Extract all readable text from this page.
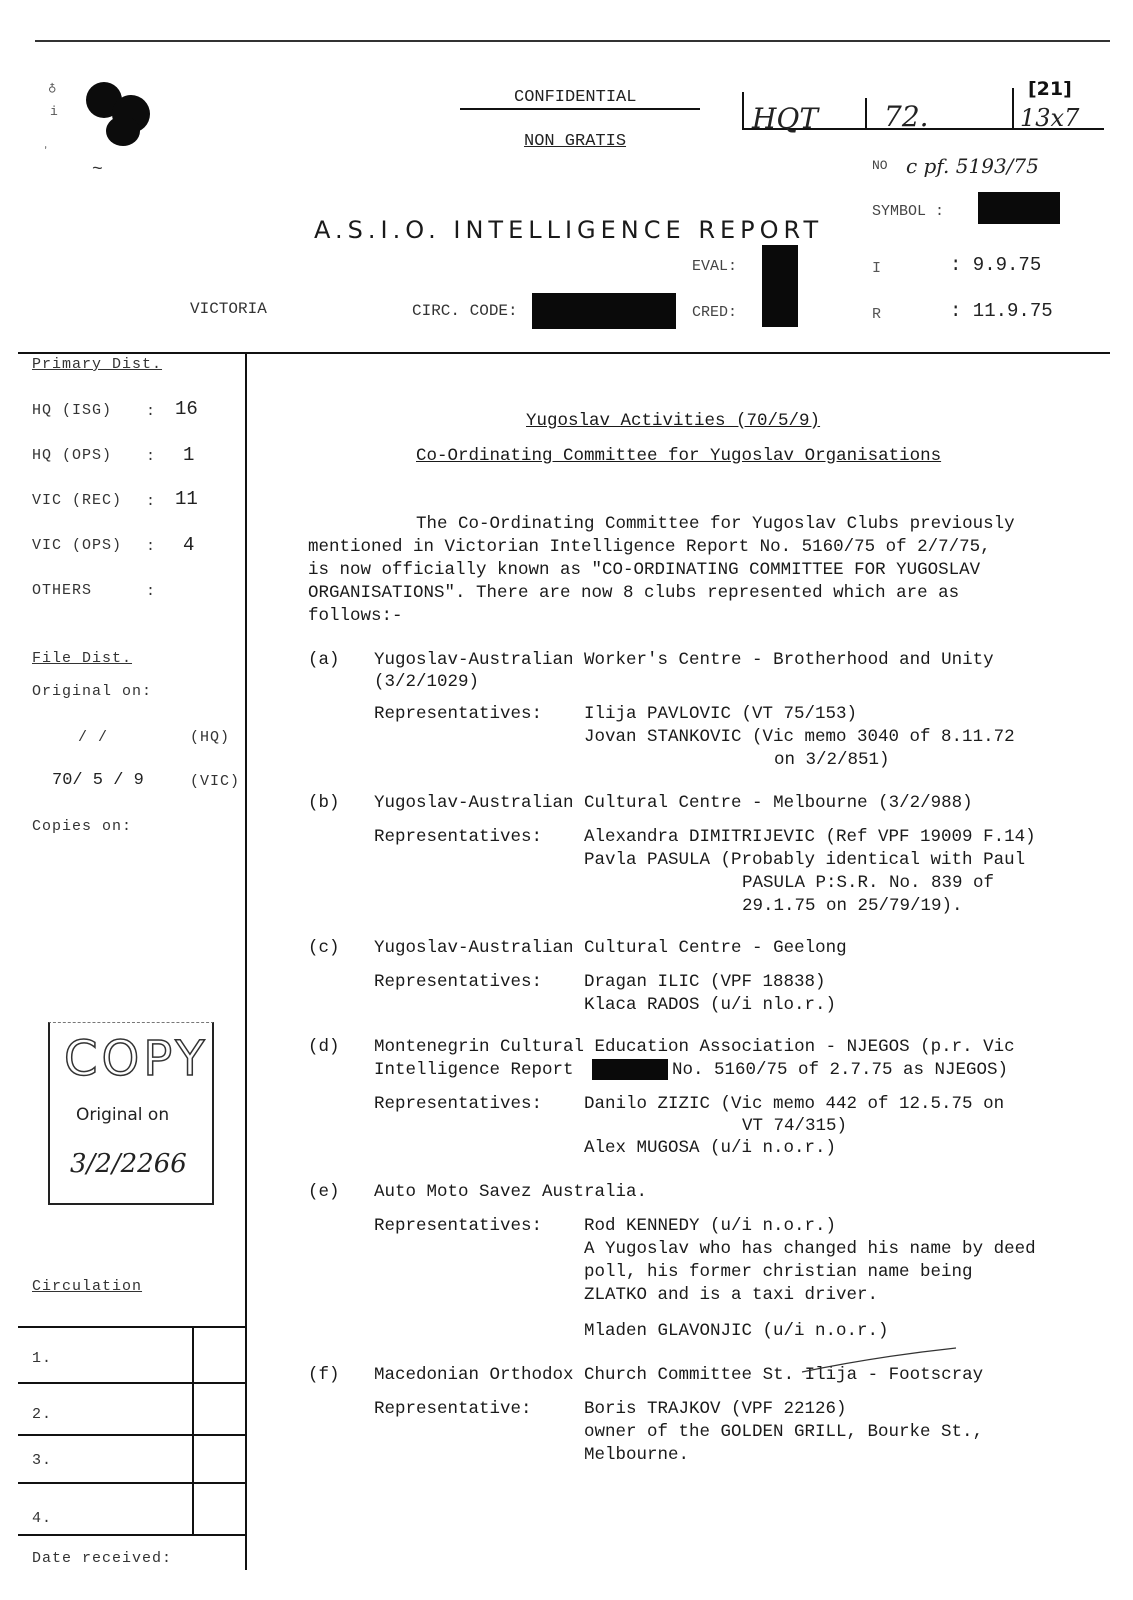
♁
i
ʼ
~
CONFIDENTIAL
NON GRATIS
A.S.I.O. INTELLIGENCE REPORT
HQT 72.	13x7
[21]
NO c pf. 5193/75
SYMBOL :
EVAL:
CRED:
VICTORIA	CIRC. CODE:
I	: 9.9.75
R	: 11.9.75
Primary Dist.
HQ (ISG) : 16
HQ (OPS) : 1
VIC (REC) : 11
VIC (OPS) : 4
OTHERS	:
File Dist.
Original on:
/ /	(HQ)
70/ 5 / 9	(VIC)
Copies on:
COPY
Original on
3/2/2266
Circulation
1.
2.
3.
4.
Date received:
Yugoslav Activities (70/5/9)
Co-Ordinating Committee for Yugoslav Organisations
The Co-Ordinating Committee for Yugoslav Clubs previously
mentioned in Victorian Intelligence Report No. 5160/75 of 2/7/75,
is now officially known as "CO-ORDINATING COMMITTEE FOR YUGOSLAV
ORGANISATIONS". There are now 8 clubs represented which are as
follows:-
(a) Yugoslav-Australian Worker's Centre - Brotherhood and Unity
(3/2/1029)
Representatives: Ilija PAVLOVIC (VT 75/153)
Jovan STANKOVIC (Vic memo 3040 of 8.11.72
on 3/2/851)
(b) Yugoslav-Australian Cultural Centre - Melbourne (3/2/988)
Representatives: Alexandra DIMITRIJEVIC (Ref VPF 19009 F.14)
Pavla PASULA (Probably identical with Paul
PASULA P:S.R. No. 839 of
29.1.75 on 25/79/19).
(c) Yugoslav-Australian Cultural Centre - Geelong
Representatives: Dragan ILIC (VPF 18838)
Klaca RADOS (u/i nlo.r.)
(d) Montenegrin Cultural Education Association - NJEGOS (p.r. Vic
Intelligence Report	No. 5160/75 of 2.7.75 as NJEGOS)
Representatives: Danilo ZIZIC (Vic memo 442 of 12.5.75 on
VT 74/315)
Alex MUGOSA (u/i n.o.r.)
(e) Auto Moto Savez Australia.
Representatives: Rod KENNEDY (u/i n.o.r.)
A Yugoslav who has changed his name by deed
poll, his former christian name being
ZLATKO and is a taxi driver.
Mladen GLAVONJIC (u/i n.o.r.)
(f) Macedonian Orthodox Church Committee St. Ilija - Footscray
Representative:	Boris TRAJKOV (VPF 22126)
owner of the GOLDEN GRILL, Bourke St.,
Melbourne.
